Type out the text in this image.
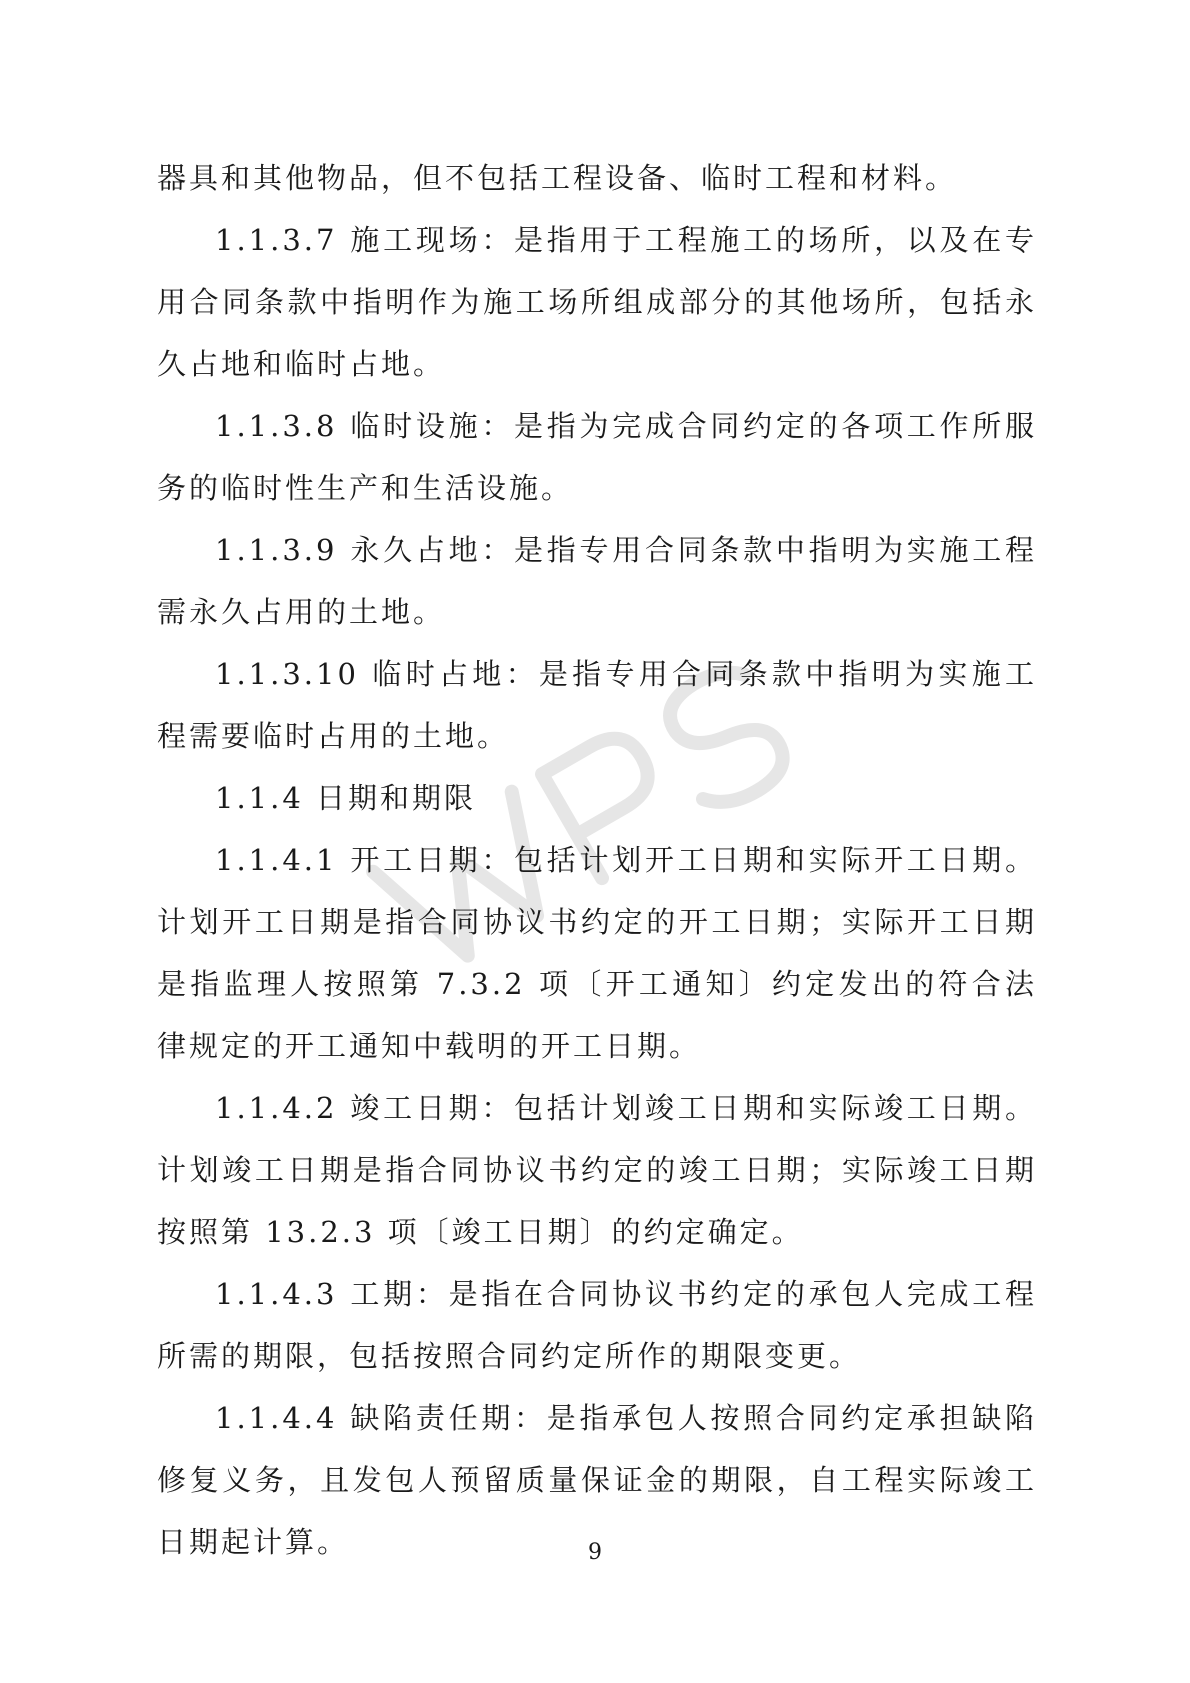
器具和其他物品，但不包括工程设备、临时工程和材料。

1.1.3.7 施工现场：是指用于工程施工的场所，以及在专用合同条款中指明作为施工场所组成部分的其他场所，包括永久占地和临时占地。

1.1.3.8 临时设施：是指为完成合同约定的各项工作所服务的临时性生产和生活设施。

1.1.3.9 永久占地：是指专用合同条款中指明为实施工程需永久占用的土地。

1.1.3.10 临时占地：是指专用合同条款中指明为实施工程需要临时占用的土地。

1.1.4 日期和期限

1.1.4.1 开工日期：包括计划开工日期和实际开工日期。计划开工日期是指合同协议书约定的开工日期；实际开工日期是指监理人按照第 7.3.2 项〔开工通知〕约定发出的符合法律规定的开工通知中载明的开工日期。

1.1.4.2 竣工日期：包括计划竣工日期和实际竣工日期。计划竣工日期是指合同协议书约定的竣工日期；实际竣工日期按照第 13.2.3 项〔竣工日期〕的约定确定。

1.1.4.3 工期：是指在合同协议书约定的承包人完成工程所需的期限，包括按照合同约定所作的期限变更。

1.1.4.4 缺陷责任期：是指承包人按照合同约定承担缺陷修复义务，且发包人预留质量保证金的期限，自工程实际竣工日期起计算。	9
